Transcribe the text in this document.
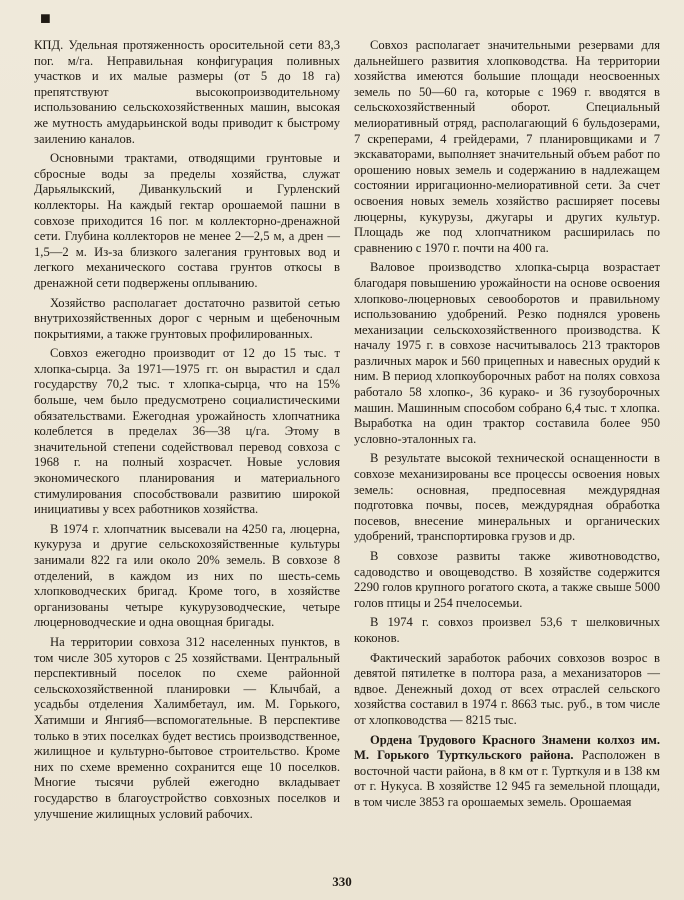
■

КПД. Удельная протяженность оросительной сети 83,3 пог. м/га. Неправильная конфигурация поливных участков и их малые размеры (от 5 до 18 га) препятствуют высокопроизводительному использованию сельскохозяйственных машин, высокая же мутность амударьинской воды приводит к быстрому заилению каналов.

Основными трактами, отводящими грунтовые и сбросные воды за пределы хозяйства, служат Дарьялыкский, Диванкульский и Гурленский коллекторы. На каждый гектар орошаемой пашни в совхозе приходится 16 пог. м коллекторно-дренажной сети. Глубина коллекторов не менее 2—2,5 м, а дрен — 1,5—2 м. Из-за близкого залегания грунтовых вод и легкого механического состава грунтов откосы в дренажной сети подвержены оплыванию.

Хозяйство располагает достаточно развитой сетью внутрихозяйственных дорог с черным и щебеночным покрытиями, а также грунтовых профилированных.

Совхоз ежегодно производит от 12 до 15 тыс. т хлопка-сырца. За 1971—1975 гг. он вырастил и сдал государству 70,2 тыс. т хлопка-сырца, что на 15% больше, чем было предусмотрено социалистическими обязательствами. Ежегодная урожайность хлопчатника колеблется в пределах 36—38 ц/га. Этому в значительной степени содействовал перевод совхоза с 1968 г. на полный хозрасчет. Новые условия экономического планирования и материального стимулирования способствовали развитию широкой инициативы у всех работников хозяйства.

В 1974 г. хлопчатник высевали на 4250 га, люцерна, кукуруза и другие сельскохозяйственные культуры занимали 822 га или около 20% земель. В совхозе 8 отделений, в каждом из них по шесть-семь хлопководческих бригад. Кроме того, в хозяйстве организованы четыре кукурузоводческие, четыре люцерноводческие и одна овощная бригады.

На территории совхоза 312 населенных пунктов, в том числе 305 хуторов с 25 хозяйствами. Центральный перспективный поселок по схеме районной сельскохозяйственной планировки — Клычбай, а усадьбы отделения Халимбетаул, им. М. Горького, Хатимши и Янгияб—вспомогательные. В перспективе только в этих поселках будет вестись производственное, жилищное и культурно-бытовое строительство. Кроме них по схеме временно сохранится еще 10 поселков. Многие тысячи рублей ежегодно вкладывает государство в благоустройство совхозных поселков и улучшение жилищных условий рабочих.

Совхоз располагает значительными резервами для дальнейшего развития хлопководства. На территории хозяйства имеются большие площади неосвоенных земель по 50—60 га, которые с 1969 г. вводятся в сельскохозяйственный оборот. Специальный мелиоративный отряд, располагающий 6 бульдозерами, 7 скреперами, 4 грейдерами, 7 планировщиками и 7 экскаваторами, выполняет значительный объем работ по орошению новых земель и содержанию в надлежащем состоянии ирригационно-мелиоративной сети. За счет освоения новых земель хозяйство расширяет посевы люцерны, кукурузы, джугары и других культур. Площадь же под хлопчатником расширилась по сравнению с 1970 г. почти на 400 га.

Валовое производство хлопка-сырца возрастает благодаря повышению урожайности на основе освоения хлопково-люцерновых севооборотов и правильному использованию удобрений. Резко поднялся уровень механизации сельскохозяйственного производства. К началу 1975 г. в совхозе насчитывалось 213 тракторов различных марок и 560 прицепных и навесных орудий к ним. В период хлопкоуборочных работ на полях совхоза работало 58 хлопко-, 36 курако- и 36 гузоуборочных машин. Машинным способом собрано 6,4 тыс. т хлопка. Выработка на один трактор составила более 950 условно-эталонных га.

В результате высокой технической оснащенности в совхозе механизированы все процессы освоения новых земель: основная, предпосевная междурядная подготовка почвы, посев, междурядная обработка посевов, внесение минеральных и органических удобрений, транспортировка грузов и др.

В совхозе развиты также животноводство, садоводство и овощеводство. В хозяйстве содержится 2290 голов крупного рогатого скота, а также свыше 5000 голов птицы и 254 пчелосемьи.

В 1974 г. совхоз произвел 53,6 т шелковичных коконов.

Фактический заработок рабочих совхозов возрос в девятой пятилетке в полтора раза, а механизаторов — вдвое. Денежный доход от всех отраслей сельского хозяйства составил в 1974 г. 8663 тыс. руб., в том числе от хлопководства — 8215 тыс.

Ордена Трудового Красного Знамени колхоз им. М. Горького Турткульского района. Расположен в восточной части района, в 8 км от г. Турткуля и в 138 км от г. Нукуса. В хозяйстве 12 945 га земельной площади, в том числе 3853 га орошаемых земель. Орошаемая

330
